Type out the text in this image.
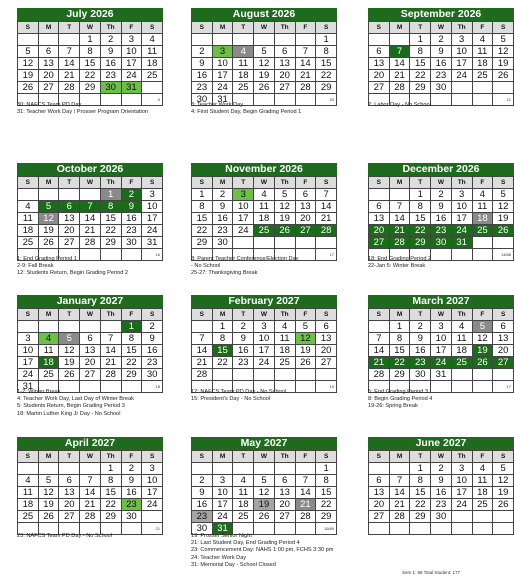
July 2026
S	M	T	W	Th	F	S
			1	2	3	4
5	6	7	8	9	10	11
12	13	14	15	16	17	18
19	20	21	22	23	24	25
26	27	28	29	30	31	
						0
30: NAFCS Team PD Day
31: Teacher Work Day / Prosser Program Orientation
August 2026
S	M	T	W	Th	F	S
						1
2	3	4	5	6	7	8
9	10	11	12	13	14	15
16	17	18	19	20	21	22
23	24	25	26	27	28	29
30	31					20
3: Teacher Work Day
4: First Student Day, Begin Grading Period 1
September 2026
S	M	T	W	Th	F	S
		1	2	3	4	5
6	7	8	9	10	11	12
13	14	15	16	17	18	19
20	21	22	23	24	25	26
27	28	29	30			
						21
7: Labor Day - No School
October 2026
S	M	T	W	Th	F	S
				1	2	3
4	5	6	7	8	9	10
11	12	13	14	15	16	17
18	19	20	21	22	23	24
25	26	27	28	29	30	31
						16
1: End Grading Period 1
2-9: Fall Break
12: Students Return, Begin Grading Period 2
November 2026
S	M	T	W	Th	F	S
1	2	3	4	5	6	7
8	9	10	11	12	13	14
15	16	17	18	19	20	21
22	23	24	25	26	27	28
29	30					
						17
3: Parent Teacher Conference/Election Day
- No School
25-27: Thanksgiving Break
December 2026
S	M	T	W	Th	F	S
		1	2	3	4	5
6	7	8	9	10	11	12
13	14	15	16	17	18	19
20	21	22	23	24	25	26
27	28	29	30	31		
						14/88
18: End Grading Period 2
22-Jan 5: Winter Break
January 2027
S	M	T	W	Th	F	S
					1	2
3	4	5	6	7	8	9
10	11	12	13	14	15	16
17	18	19	20	21	22	23
24	25	26	27	28	29	30
31						18
1-2: Winter Break
4: Teacher Work Day, Last Day of Winter Break
5: Students Return, Begin Grading Period 3
18: Martin Luther King Jr Day - No School
February 2027
S	M	T	W	Th	F	S
	1	2	3	4	5	6
7	8	9	10	11	12	13
14	15	16	17	18	19	20
21	22	23	24	25	26	27
28						
						19
12: NAFCS Team PD Day - No School
15: President's Day - No School
March 2027
S	M	T	W	Th	F	S
	1	2	3	4	5	6
7	8	9	10	11	12	13
14	15	16	17	18	19	20
21	22	23	24	25	26	27
28	29	30	31			
						17
5: End Grading Period 3
8: Begin Grading Period 4
19-26: Spring Break
April 2027
S	M	T	W	Th	F	S
				1	2	3
4	5	6	7	8	9	10
11	12	13	14	15	16	17
18	19	20	21	22	23	24
25	26	27	28	29	30	
						21
23: NAFCS Team PD Day - No School
May 2027
S	M	T	W	Th	F	S
						1
2	3	4	5	6	7	8
9	10	11	12	13	14	15
16	17	18	19	20	21	22
23	24	25	26	27	28	29
30	31					15/89
19: Prosser Senior Night
21: Last Student Day, End Grading Period 4
23: Commencement Day: NAHS 1:00 pm, FCHS 3:30 pm
24: Teacher Work Day
31: Memorial Day - School Closed
June 2027
S	M	T	W	Th	F	S
		1	2	3	4	5
6	7	8	9	10	11	12
13	14	15	16	17	18	19
20	21	22	23	24	25	26
27	28	29	30			

Sem 1: 88 Total Student: 177
